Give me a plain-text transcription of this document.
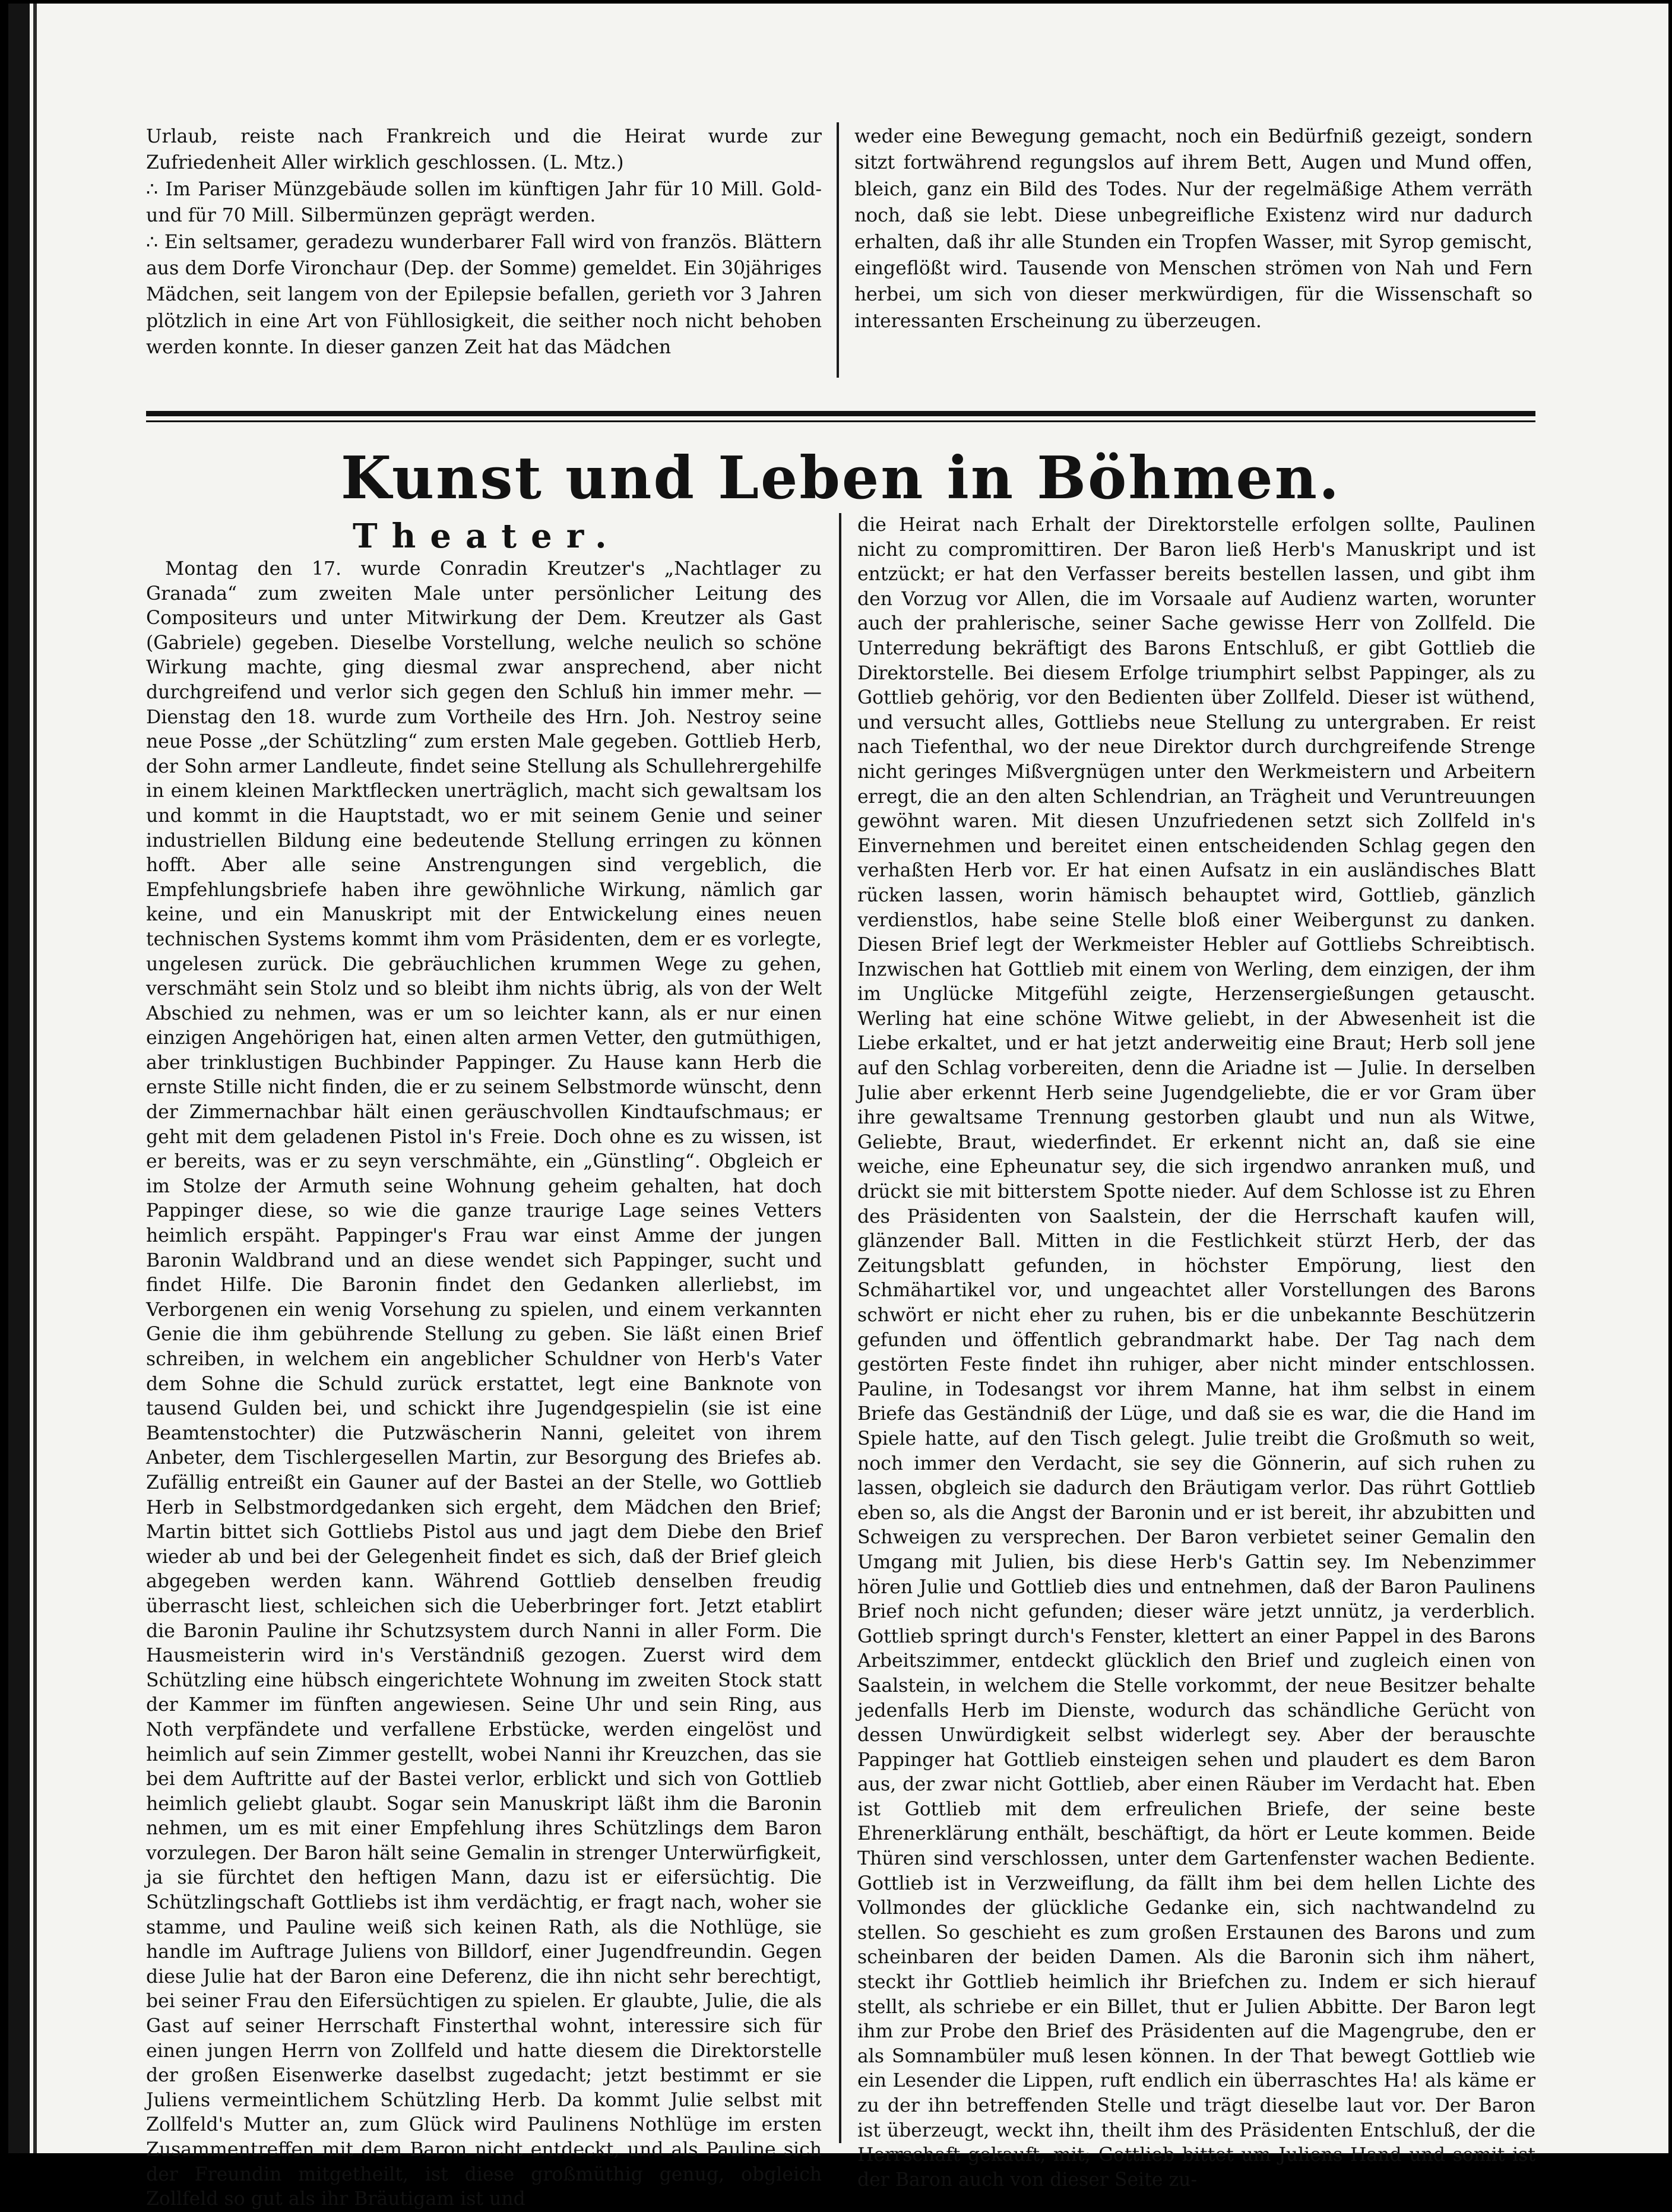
Urlaub, reiste nach Frankreich und die Heirat wurde zur Zufriedenheit Aller wirklich geschlossen. (L. Mtz.)

∴ Im Pariser Münzgebäude sollen im künftigen Jahr für 10 Mill. Gold- und für 70 Mill. Silbermünzen geprägt werden.

∴ Ein seltsamer, geradezu wunderbarer Fall wird von französ. Blättern aus dem Dorfe Vironchaur (Dep. der Somme) gemeldet. Ein 30jähriges Mädchen, seit langem von der Epilepsie befallen, gerieth vor 3 Jahren plötzlich in eine Art von Fühllosigkeit, die seither noch nicht behoben werden konnte. In dieser ganzen Zeit hat das Mädchen

weder eine Bewegung gemacht, noch ein Bedürfniß gezeigt, sondern sitzt fortwährend regungslos auf ihrem Bett, Augen und Mund offen, bleich, ganz ein Bild des Todes. Nur der regelmäßige Athem verräth noch, daß sie lebt. Diese unbegreifliche Existenz wird nur dadurch erhalten, daß ihr alle Stunden ein Tropfen Wasser, mit Syrop gemischt, eingeflößt wird. Tausende von Menschen strömen von Nah und Fern herbei, um sich von dieser merkwürdigen, für die Wissenschaft so interessanten Erscheinung zu überzeugen.

Kunst und Leben in Böhmen.
Theater.

Montag den 17. wurde Conradin Kreutzer's „Nachtlager zu Granada“ zum zweiten Male unter persönlicher Leitung des Compositeurs und unter Mitwirkung der Dem. Kreutzer als Gast (Gabriele) gegeben. Dieselbe Vorstellung, welche neulich so schöne Wirkung machte, ging diesmal zwar ansprechend, aber nicht durchgreifend und verlor sich gegen den Schluß hin immer mehr. — Dienstag den 18. wurde zum Vortheile des Hrn. Joh. Nestroy seine neue Posse „der Schützling“ zum ersten Male gegeben. Gottlieb Herb, der Sohn armer Landleute, findet seine Stellung als Schullehrergehilfe in einem kleinen Marktflecken unerträglich, macht sich gewaltsam los und kommt in die Hauptstadt, wo er mit seinem Genie und seiner industriellen Bildung eine bedeutende Stellung erringen zu können hofft. Aber alle seine Anstrengungen sind vergeblich, die Empfehlungsbriefe haben ihre gewöhnliche Wirkung, nämlich gar keine, und ein Manuskript mit der Entwickelung eines neuen technischen Systems kommt ihm vom Präsidenten, dem er es vorlegte, ungelesen zurück. Die gebräuchlichen krummen Wege zu gehen, verschmäht sein Stolz und so bleibt ihm nichts übrig, als von der Welt Abschied zu nehmen, was er um so leichter kann, als er nur einen einzigen Angehörigen hat, einen alten armen Vetter, den gutmüthigen, aber trinklustigen Buchbinder Pappinger. Zu Hause kann Herb die ernste Stille nicht finden, die er zu seinem Selbstmorde wünscht, denn der Zimmernachbar hält einen geräuschvollen Kindtaufschmaus; er geht mit dem geladenen Pistol in's Freie. Doch ohne es zu wissen, ist er bereits, was er zu seyn verschmähte, ein „Günstling“. Obgleich er im Stolze der Armuth seine Wohnung geheim gehalten, hat doch Pappinger diese, so wie die ganze traurige Lage seines Vetters heimlich erspäht. Pappinger's Frau war einst Amme der jungen Baronin Waldbrand und an diese wendet sich Pappinger, sucht und findet Hilfe. Die Baronin findet den Gedanken allerliebst, im Verborgenen ein wenig Vorsehung zu spielen, und einem verkannten Genie die ihm gebührende Stellung zu geben. Sie läßt einen Brief schreiben, in welchem ein angeblicher Schuldner von Herb's Vater dem Sohne die Schuld zurück erstattet, legt eine Banknote von tausend Gulden bei, und schickt ihre Jugendgespielin (sie ist eine Beamtenstochter) die Putzwäscherin Nanni, geleitet von ihrem Anbeter, dem Tischlergesellen Martin, zur Besorgung des Briefes ab. Zufällig entreißt ein Gauner auf der Bastei an der Stelle, wo Gottlieb Herb in Selbstmordgedanken sich ergeht, dem Mädchen den Brief; Martin bittet sich Gottliebs Pistol aus und jagt dem Diebe den Brief wieder ab und bei der Gelegenheit findet es sich, daß der Brief gleich abgegeben werden kann. Während Gottlieb denselben freudig überrascht liest, schleichen sich die Ueberbringer fort. Jetzt etablirt die Baronin Pauline ihr Schutzsystem durch Nanni in aller Form. Die Hausmeisterin wird in's Verständniß gezogen. Zuerst wird dem Schützling eine hübsch eingerichtete Wohnung im zweiten Stock statt der Kammer im fünften angewiesen. Seine Uhr und sein Ring, aus Noth verpfändete und verfallene Erbstücke, werden eingelöst und heimlich auf sein Zimmer gestellt, wobei Nanni ihr Kreuzchen, das sie bei dem Auftritte auf der Bastei verlor, erblickt und sich von Gottlieb heimlich geliebt glaubt. Sogar sein Manuskript läßt ihm die Baronin nehmen, um es mit einer Empfehlung ihres Schützlings dem Baron vorzulegen. Der Baron hält seine Gemalin in strenger Unterwürfigkeit, ja sie fürchtet den heftigen Mann, dazu ist er eifersüchtig. Die Schützlingschaft Gottliebs ist ihm verdächtig, er fragt nach, woher sie stamme, und Pauline weiß sich keinen Rath, als die Nothlüge, sie handle im Auftrage Juliens von Billdorf, einer Jugendfreundin. Gegen diese Julie hat der Baron eine Deferenz, die ihn nicht sehr berechtigt, bei seiner Frau den Eifersüchtigen zu spielen. Er glaubte, Julie, die als Gast auf seiner Herrschaft Finsterthal wohnt, interessire sich für einen jungen Herrn von Zollfeld und hatte diesem die Direktorstelle der großen Eisenwerke daselbst zugedacht; jetzt bestimmt er sie Juliens vermeintlichem Schützling Herb. Da kommt Julie selbst mit Zollfeld's Mutter an, zum Glück wird Paulinens Nothlüge im ersten Zusammentreffen mit dem Baron nicht entdeckt, und als Pauline sich der Freundin mitgetheilt, ist diese großmüthig genug, obgleich Zollfeld so gut als ihr Bräutigam ist und

die Heirat nach Erhalt der Direktorstelle erfolgen sollte, Paulinen nicht zu compromittiren. Der Baron ließ Herb's Manuskript und ist entzückt; er hat den Verfasser bereits bestellen lassen, und gibt ihm den Vorzug vor Allen, die im Vorsaale auf Audienz warten, worunter auch der prahlerische, seiner Sache gewisse Herr von Zollfeld. Die Unterredung bekräftigt des Barons Entschluß, er gibt Gottlieb die Direktorstelle. Bei diesem Erfolge triumphirt selbst Pappinger, als zu Gottlieb gehörig, vor den Bedienten über Zollfeld. Dieser ist wüthend, und versucht alles, Gottliebs neue Stellung zu untergraben. Er reist nach Tiefenthal, wo der neue Direktor durch durchgreifende Strenge nicht geringes Mißvergnügen unter den Werkmeistern und Arbeitern erregt, die an den alten Schlendrian, an Trägheit und Veruntreuungen gewöhnt waren. Mit diesen Unzufriedenen setzt sich Zollfeld in's Einvernehmen und bereitet einen entscheidenden Schlag gegen den verhaßten Herb vor. Er hat einen Aufsatz in ein ausländisches Blatt rücken lassen, worin hämisch behauptet wird, Gottlieb, gänzlich verdienstlos, habe seine Stelle bloß einer Weibergunst zu danken. Diesen Brief legt der Werkmeister Hebler auf Gottliebs Schreibtisch. Inzwischen hat Gottlieb mit einem von Werling, dem einzigen, der ihm im Unglücke Mitgefühl zeigte, Herzensergießungen getauscht. Werling hat eine schöne Witwe geliebt, in der Abwesenheit ist die Liebe erkaltet, und er hat jetzt anderweitig eine Braut; Herb soll jene auf den Schlag vorbereiten, denn die Ariadne ist — Julie. In derselben Julie aber erkennt Herb seine Jugendgeliebte, die er vor Gram über ihre gewaltsame Trennung gestorben glaubt und nun als Witwe, Geliebte, Braut, wiederfindet. Er erkennt nicht an, daß sie eine weiche, eine Epheunatur sey, die sich irgendwo anranken muß, und drückt sie mit bitterstem Spotte nieder. Auf dem Schlosse ist zu Ehren des Präsidenten von Saalstein, der die Herrschaft kaufen will, glänzender Ball. Mitten in die Festlichkeit stürzt Herb, der das Zeitungsblatt gefunden, in höchster Empörung, liest den Schmähartikel vor, und ungeachtet aller Vorstellungen des Barons schwört er nicht eher zu ruhen, bis er die unbekannte Beschützerin gefunden und öffentlich gebrandmarkt habe. Der Tag nach dem gestörten Feste findet ihn ruhiger, aber nicht minder entschlossen. Pauline, in Todesangst vor ihrem Manne, hat ihm selbst in einem Briefe das Geständniß der Lüge, und daß sie es war, die die Hand im Spiele hatte, auf den Tisch gelegt. Julie treibt die Großmuth so weit, noch immer den Verdacht, sie sey die Gönnerin, auf sich ruhen zu lassen, obgleich sie dadurch den Bräutigam verlor. Das rührt Gottlieb eben so, als die Angst der Baronin und er ist bereit, ihr abzubitten und Schweigen zu versprechen. Der Baron verbietet seiner Gemalin den Umgang mit Julien, bis diese Herb's Gattin sey. Im Nebenzimmer hören Julie und Gottlieb dies und entnehmen, daß der Baron Paulinens Brief noch nicht gefunden; dieser wäre jetzt unnütz, ja verderblich. Gottlieb springt durch's Fenster, klettert an einer Pappel in des Barons Arbeitszimmer, entdeckt glücklich den Brief und zugleich einen von Saalstein, in welchem die Stelle vorkommt, der neue Besitzer behalte jedenfalls Herb im Dienste, wodurch das schändliche Gerücht von dessen Unwürdigkeit selbst widerlegt sey. Aber der berauschte Pappinger hat Gottlieb einsteigen sehen und plaudert es dem Baron aus, der zwar nicht Gottlieb, aber einen Räuber im Verdacht hat. Eben ist Gottlieb mit dem erfreulichen Briefe, der seine beste Ehrenerklärung enthält, beschäftigt, da hört er Leute kommen. Beide Thüren sind verschlossen, unter dem Gartenfenster wachen Bediente. Gottlieb ist in Verzweiflung, da fällt ihm bei dem hellen Lichte des Vollmondes der glückliche Gedanke ein, sich nachtwandelnd zu stellen. So geschieht es zum großen Erstaunen des Barons und zum scheinbaren der beiden Damen. Als die Baronin sich ihm nähert, steckt ihr Gottlieb heimlich ihr Briefchen zu. Indem er sich hierauf stellt, als schriebe er ein Billet, thut er Julien Abbitte. Der Baron legt ihm zur Probe den Brief des Präsidenten auf die Magengrube, den er als Somnambüler muß lesen können. In der That bewegt Gottlieb wie ein Lesender die Lippen, ruft endlich ein überraschtes Ha! als käme er zu der ihn betreffenden Stelle und trägt dieselbe laut vor. Der Baron ist überzeugt, weckt ihn, theilt ihm des Präsidenten Entschluß, der die Herrschaft gekauft, mit; Gottlieb bittet um Juliens Hand und somit ist der Baron auch von dieser Seite zu-
